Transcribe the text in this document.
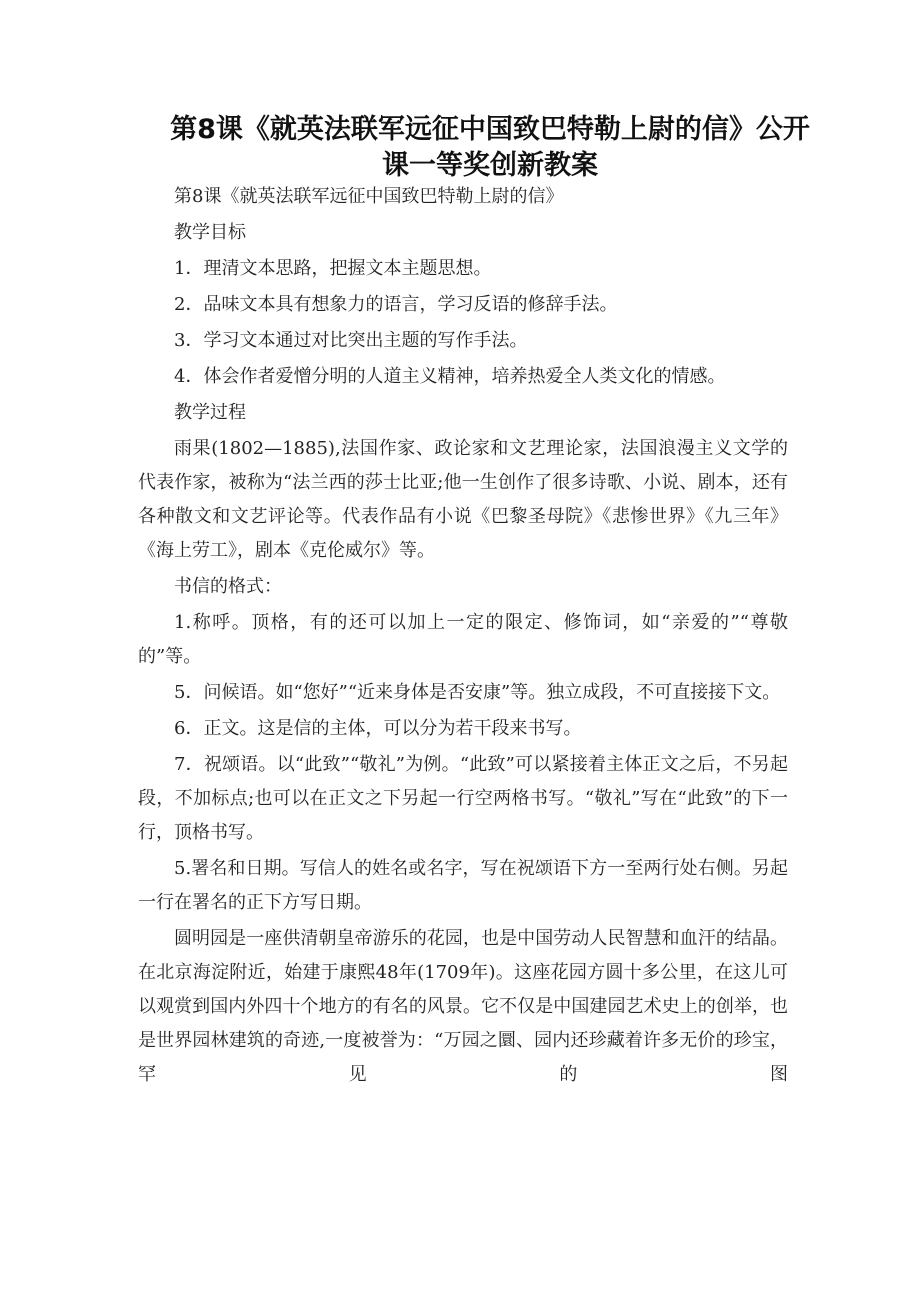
第8课《就英法联军远征中国致巴特勒上尉的信》公开
课一等奖创新教案

第8课《就英法联军远征中国致巴特勒上尉的信》

教学目标

1．理清文本思路，把握文本主题思想。

2．品味文本具有想象力的语言，学习反语的修辞手法。

3．学习文本通过对比突出主题的写作手法。

4．体会作者爱憎分明的人道主义精神，培养热爱全人类文化的情感。

教学过程

雨果(1802—1885),法国作家、政论家和文艺理论家，法国浪漫主义文学的代表作家，被称为“法兰西的莎士比亚;他一生创作了很多诗歌、小说、剧本，还有各种散文和文艺评论等。代表作品有小说《巴黎圣母院》《悲惨世界》《九三年》《海上劳工》，剧本《克伦威尔》等。

书信的格式：

1.称呼。顶格，有的还可以加上一定的限定、修饰词，如“亲爱的”“尊敬的”等。

5．问候语。如“您好”“近来身体是否安康”等。独立成段，不可直接接下文。

6．正文。这是信的主体，可以分为若干段来书写。

7．祝颂语。以“此致”“敬礼”为例。“此致”可以紧接着主体正文之后，不另起段，不加标点;也可以在正文之下另起一行空两格书写。“敬礼”写在“此致”的下一行，顶格书写。

5.署名和日期。写信人的姓名或名字，写在祝颂语下方一至两行处右侧。另起一行在署名的正下方写日期。

圆明园是一座供清朝皇帝游乐的花园，也是中国劳动人民智慧和血汗的结晶。在北京海淀附近，始建于康熙48年(1709年)。这座花园方圆十多公里，在这儿可以观赏到国内外四十个地方的有名的风景。它不仅是中国建园艺术史上的创举，也是世界园林建筑的奇迹,一度被誉为：“万园之圜、园内还珍藏着许多无价的珍宝，罕见的图
